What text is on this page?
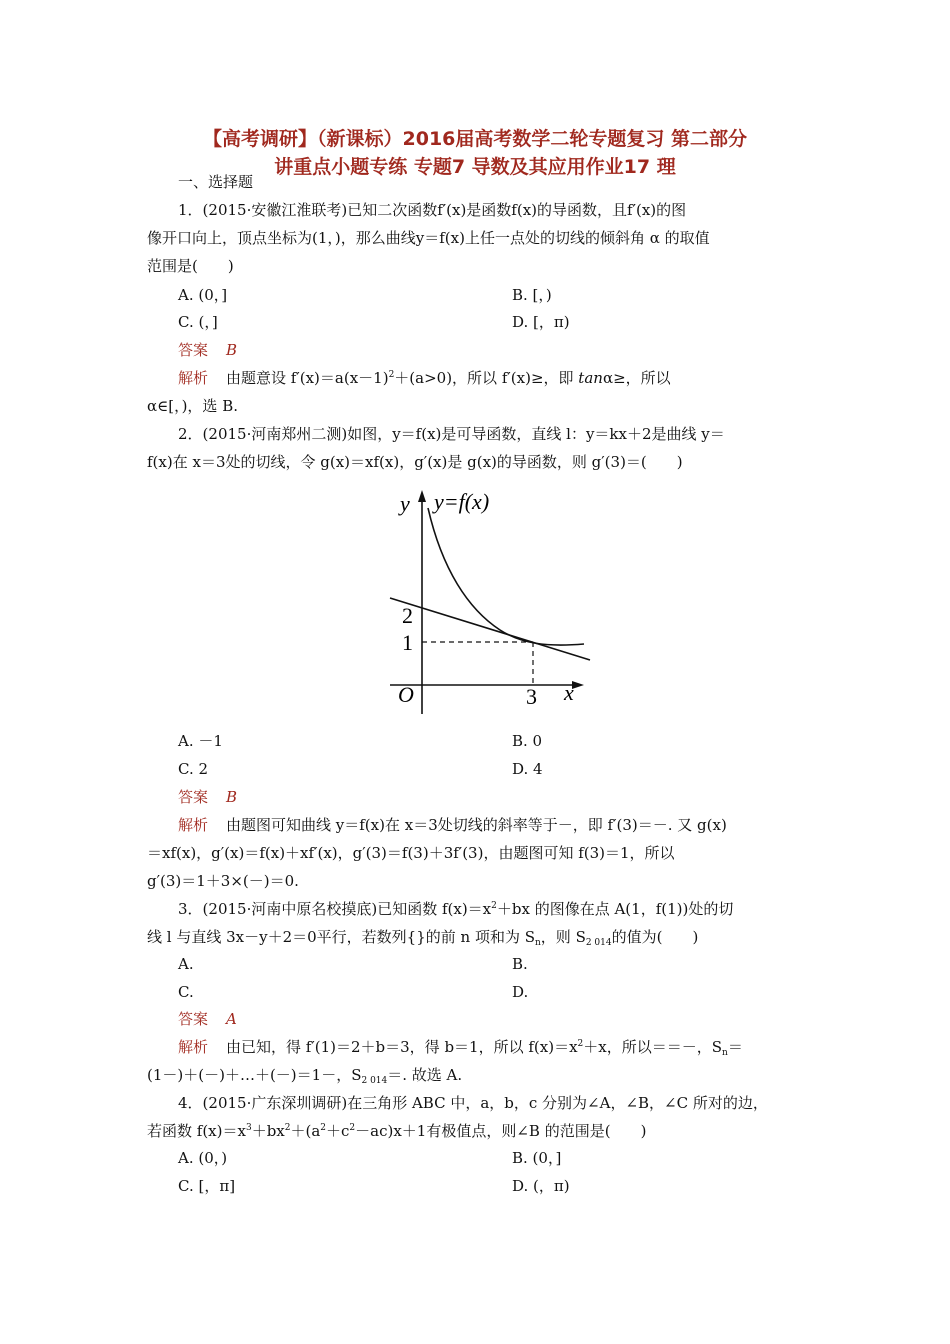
【高考调研】（新课标）2016届高考数学二轮专题复习 第二部分
讲重点小题专练 专题7 导数及其应用作业17 理
一、选择题
1．(2015·安徽江淮联考)已知二次函数f′(x)是函数f(x)的导函数，且f′(x)的图
像开口向上，顶点坐标为(1，)，那么曲线y＝f(x)上任一点处的切线的倾斜角 α 的取值
范围是(　　)
A. (0，]	B. [，)
C. (，]	D. [，π)
答案 B
解析 由题意设 $f'(x)=a(x-1)^2+(a>0)$，所以 f′(x)≥，即 tanα≥，所以
α∈[，)，选 B.
2．(2015·河南郑州二测)如图，y＝f(x)是可导函数，直线 l：y＝kx＋2是曲线 y＝
f(x)在 x＝3处的切线，令 g(x)＝xf(x)，g′(x)是 g(x)的导函数，则 g′(3)＝(　　)
y y=f(x)
2
1
O	3 x
A. －1	B. 0
C. 2	D. 4
答案 B
解析 由题图可知曲线 y＝f(x)在 x＝3处切线的斜率等于－，即 f′(3)＝－. 又 g(x)
＝xf(x)，g′(x)＝f(x)＋xf′(x)，g′(3)＝f(3)＋3f′(3)，由题图可知 f(3)＝1，所以
g′(3)＝1＋3×(－)＝0.
3．(2015·河南中原名校摸底)已知函数 $f(x)=x^2+bx$ 的图像在点 A(1，f(1))处的切
线 l 与直线 3x－y＋2＝0平行，若数列{}的前 n 项和为 $S_n$，则 $S_{2 014}$的值为(　　)
A.	B.
C.	D.
答案 A
解析 由已知，得 f′(1)＝2＋b＝3，得 b＝1，所以 $f(x)=x^2+x$，所以＝＝－，$S_n=$
(1－)＋(－)＋…＋(－)＝1－，$S_{2 014}=$. 故选 A.
4．(2015·广东深圳调研)在三角形 ABC 中，a，b，c 分别为∠A，∠B，∠C 所对的边，
若函数 $f(x)=x^3+bx^2+(a^2+c^2-ac)x+1$有极值点，则∠B 的范围是(　　)
A. (0，)	B. (0，]
C. [，π]	D. (，π)
